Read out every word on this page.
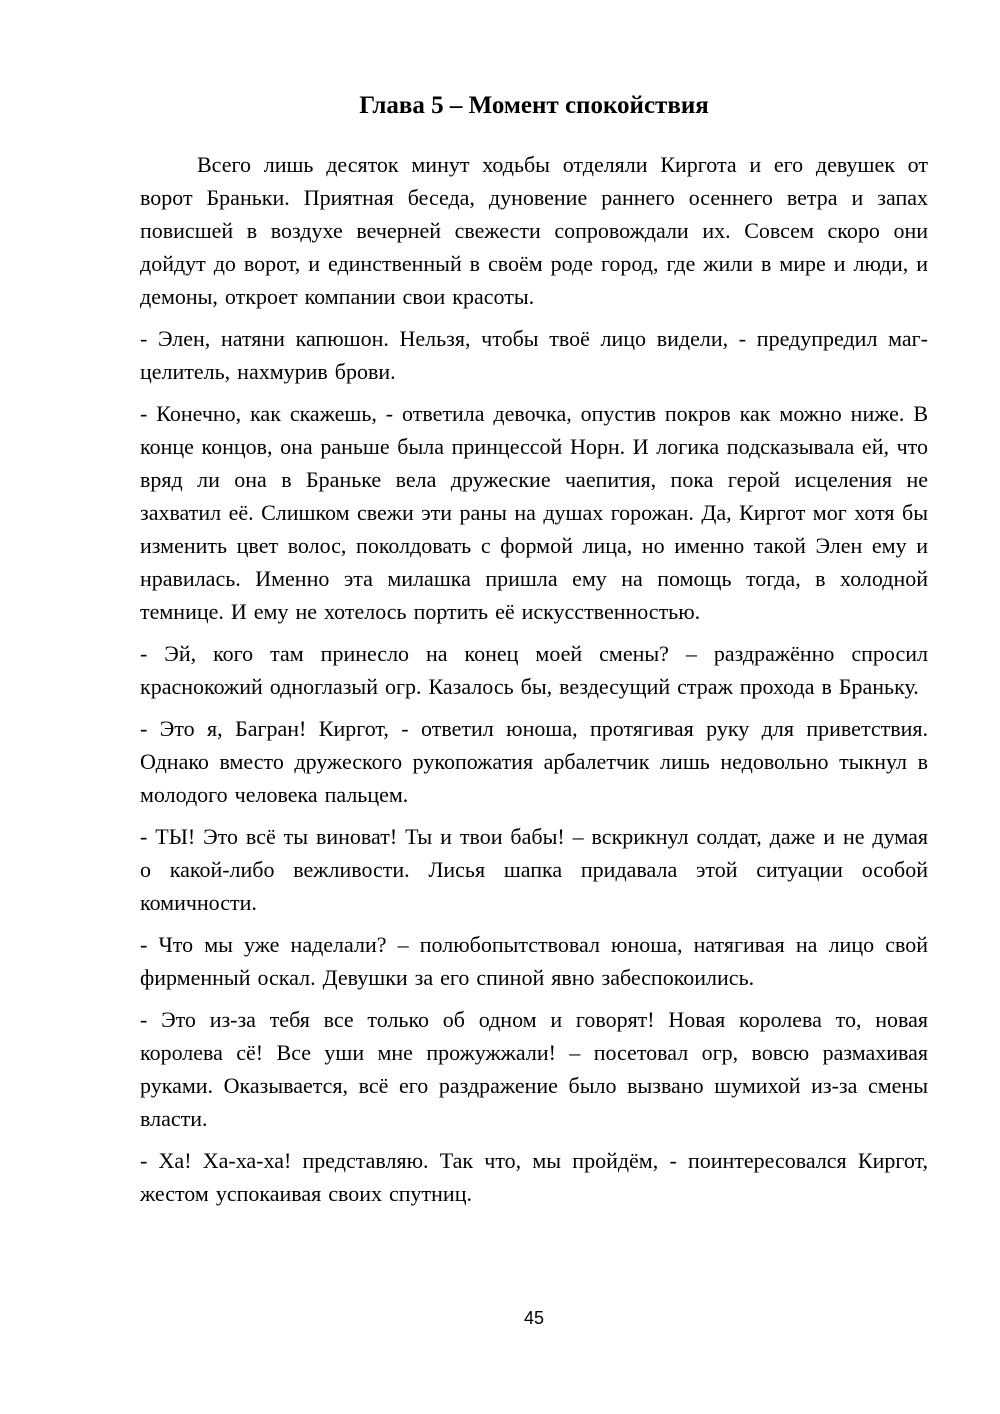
Глава 5 – Момент спокойствия

Всего лишь десяток минут ходьбы отделяли Киргота и его девушек от ворот Браньки. Приятная беседа, дуновение раннего осеннего ветра и запах повисшей в воздухе вечерней свежести сопровождали их. Совсем скоро они дойдут до ворот, и единственный в своём роде город, где жили в мире и люди, и демоны, откроет компании свои красоты.

- Элен, натяни капюшон. Нельзя, чтобы твоё лицо видели, - предупредил маг-целитель, нахмурив брови.

- Конечно, как скажешь, - ответила девочка, опустив покров как можно ниже. В конце концов, она раньше была принцессой Норн. И логика подсказывала ей, что вряд ли она в Браньке вела дружеские чаепития, пока герой исцеления не захватил её. Слишком свежи эти раны на душах горожан. Да, Киргот мог хотя бы изменить цвет волос, поколдовать с формой лица, но именно такой Элен ему и нравилась. Именно эта милашка пришла ему на помощь тогда, в холодной темнице. И ему не хотелось портить её искусственностью.

- Эй, кого там принесло на конец моей смены? – раздражённо спросил краснокожий одноглазый огр. Казалось бы, вездесущий страж прохода в Браньку.

- Это я, Багран! Киргот, - ответил юноша, протягивая руку для приветствия. Однако вместо дружеского рукопожатия арбалетчик лишь недовольно тыкнул в молодого человека пальцем.

- ТЫ! Это всё ты виноват! Ты и твои бабы! – вскрикнул солдат, даже и не думая о какой-либо вежливости. Лисья шапка придавала этой ситуации особой комичности.

- Что мы уже наделали? – полюбопытствовал юноша, натягивая на лицо свой фирменный оскал. Девушки за его спиной явно забеспокоились.

- Это из-за тебя все только об одном и говорят! Новая королева то, новая королева сё! Все уши мне прожужжали! – посетовал огр, вовсю размахивая руками. Оказывается, всё его раздражение было вызвано шумихой из-за смены власти.

- Ха! Ха-ха-ха! представляю. Так что, мы пройдём, - поинтересовался Киргот, жестом успокаивая своих спутниц.

45
